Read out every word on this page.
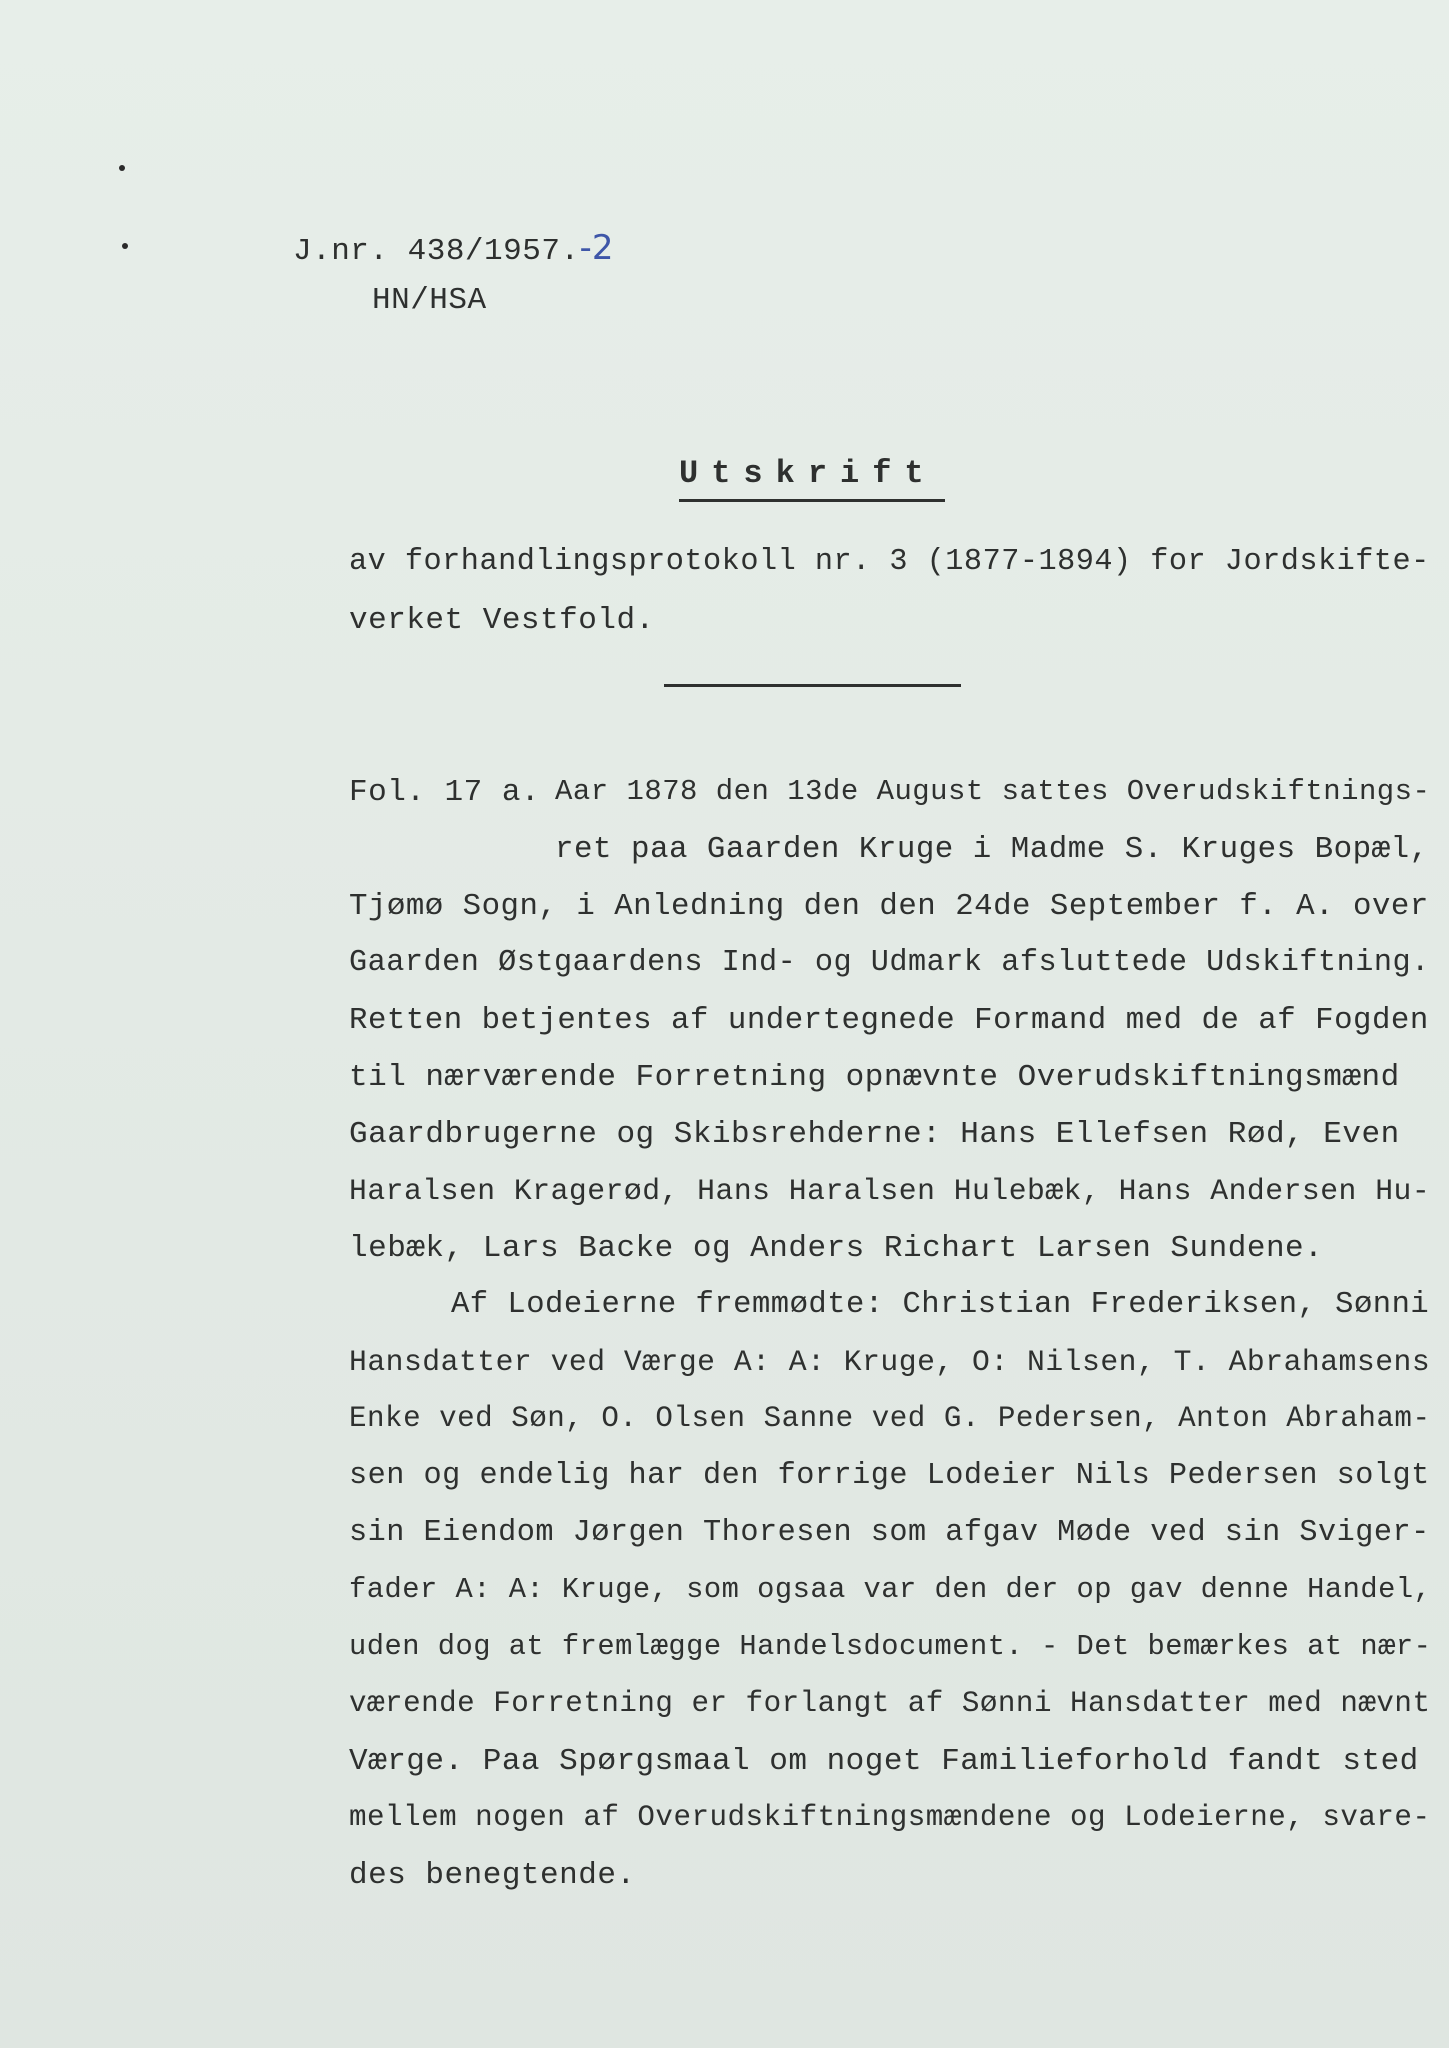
J.nr. 438/1957.-2
HN/HSA
Utskrift
av forhandlingsprotokoll nr. 3 (1877-1894) for Jordskifte-
verket Vestfold.
Fol. 17 a. Aar 1878 den 13de August sattes Overudskiftnings-
ret paa Gaarden Kruge i Madme S. Kruges Bopæl,
Tjømø Sogn, i Anledning den den 24de September f. A. over
Gaarden Østgaardens Ind- og Udmark afsluttede Udskiftning.
Retten betjentes af undertegnede Formand med de af Fogden
til nærværende Forretning opnævnte Overudskiftningsmænd
Gaardbrugerne og Skibsrehderne: Hans Ellefsen Rød, Even
Haralsen Kragerød, Hans Haralsen Hulebæk, Hans Andersen Hu-
lebæk, Lars Backe og Anders Richart Larsen Sundene.
Af Lodeierne fremmødte: Christian Frederiksen, Sønni
Hansdatter ved Værge A: A: Kruge, O: Nilsen, T. Abrahamsens
Enke ved Søn, O. Olsen Sanne ved G. Pedersen, Anton Abraham-
sen og endelig har den forrige Lodeier Nils Pedersen solgt
sin Eiendom Jørgen Thoresen som afgav Møde ved sin Sviger-
fader A: A: Kruge, som ogsaa var den der op gav denne Handel,
uden dog at fremlægge Handelsdocument. - Det bemærkes at nær-
værende Forretning er forlangt af Sønni Hansdatter med nævnt
Værge. Paa Spørgsmaal om noget Familieforhold fandt sted
mellem nogen af Overudskiftningsmændene og Lodeierne, svare-
des benegtende.
